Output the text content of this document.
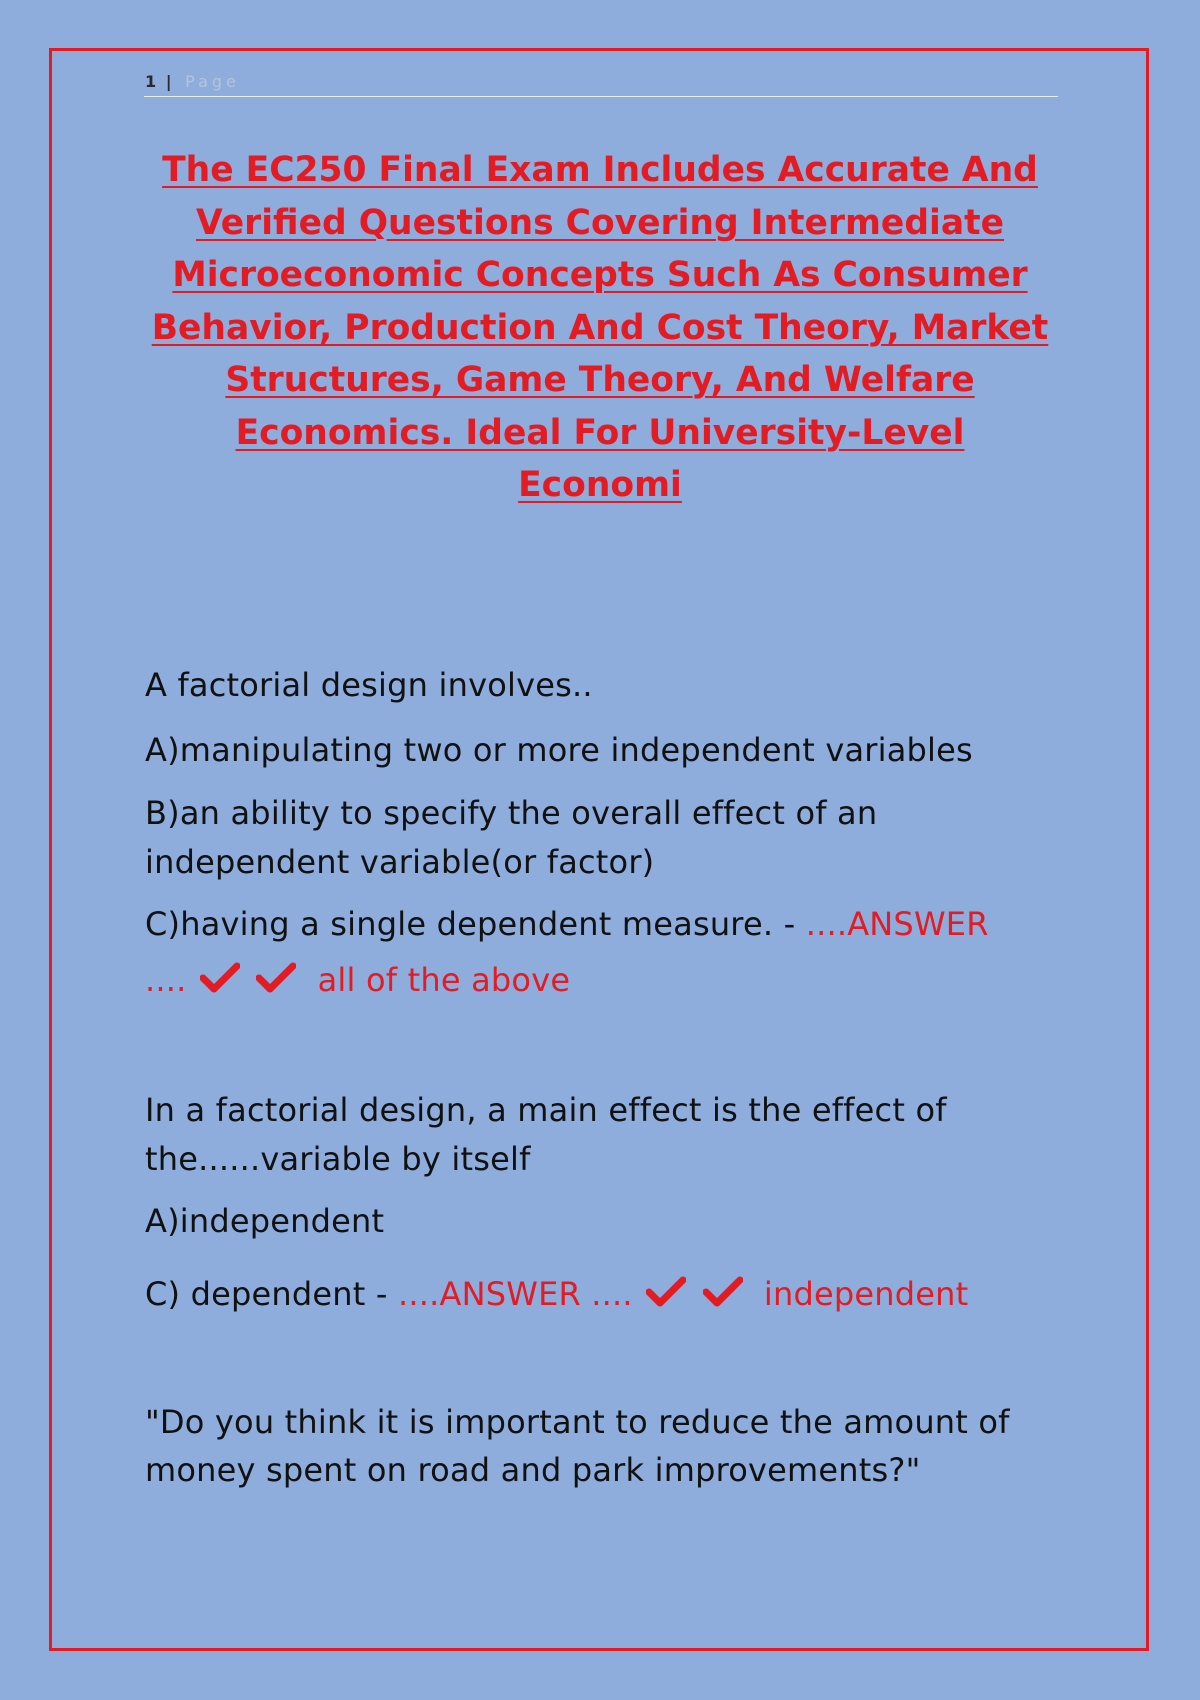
1 | Page
The EC250 Final Exam Includes Accurate And Verified Questions Covering Intermediate Microeconomic Concepts Such As Consumer Behavior, Production And Cost Theory, Market Structures, Game Theory, And Welfare Economics. Ideal For University-Level Economi
A factorial design involves..
A)manipulating two or more independent variables
B)an ability to specify the overall effect of an
independent variable(or factor)
C)having a single dependent measure. - ....ANSWER
....	all of the above
In a factorial design, a main effect is the effect of
the......variable by itself
A)independent
C) dependent - ....ANSWER ....	independent
"Do you think it is important to reduce the amount of
money spent on road and park improvements?"
